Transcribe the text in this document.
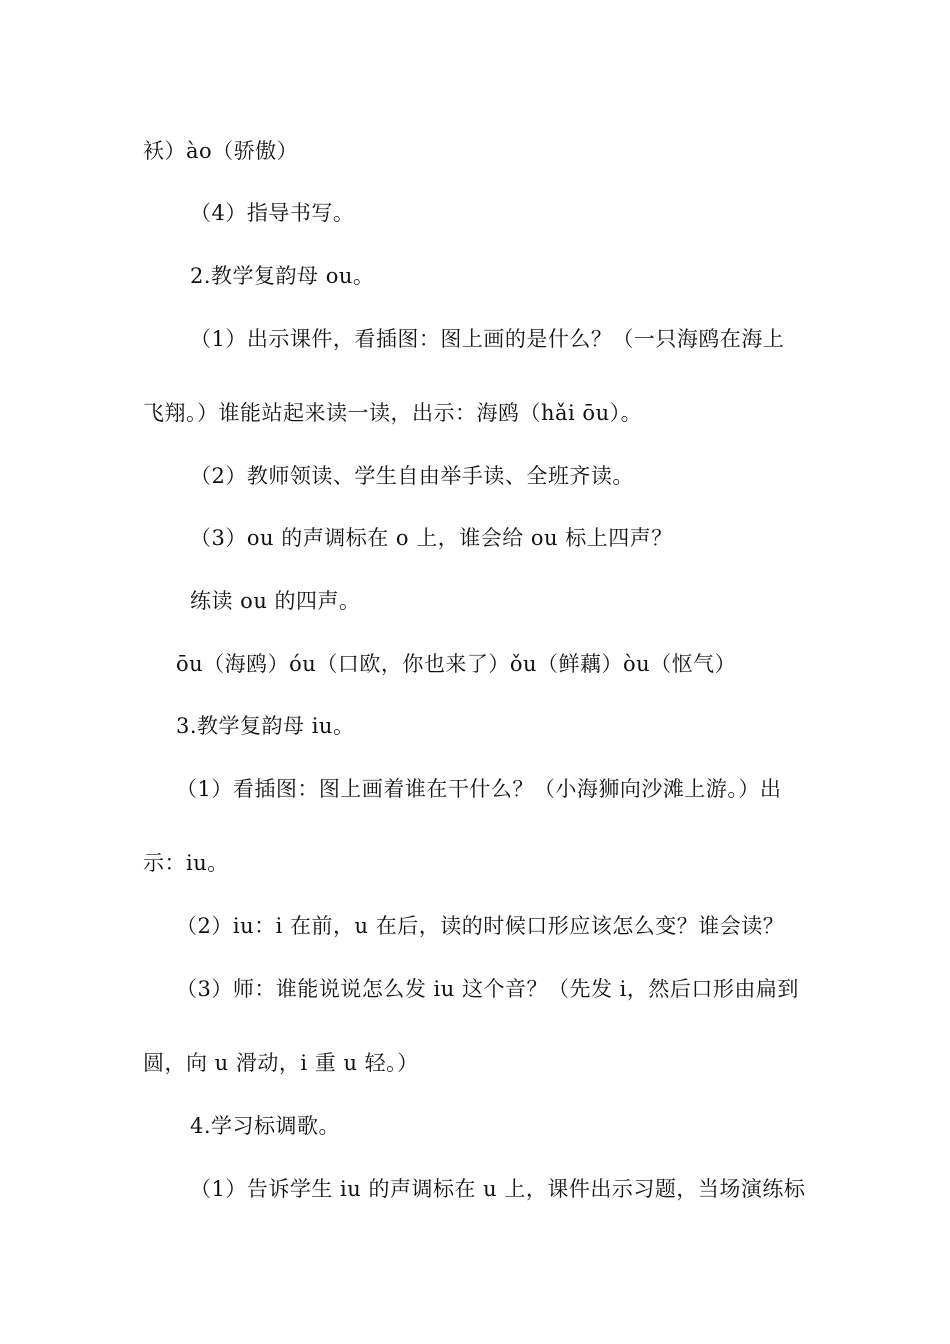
袄）ào（骄傲）
（4）指导书写。
2.教学复韵母 ou。
（1）出示课件，看插图：图上画的是什么？（一只海鸥在海上
飞翔。）谁能站起来读一读，出示：海鸥（hǎi ōu）。
（2）教师领读、学生自由举手读、全班齐读。
（3）ou 的声调标在 o 上，谁会给 ou 标上四声？
练读 ou 的四声。
ōu（海鸥）óu（口欧，你也来了）ǒu（鲜藕）òu（怄气）
3.教学复韵母 iu。
（1）看插图：图上画着谁在干什么？（小海狮向沙滩上游。）出
示：iu。
（2）iu：i 在前，u 在后，读的时候口形应该怎么变？谁会读？
（3）师：谁能说说怎么发 iu 这个音？（先发 i，然后口形由扁到
圆，向 u 滑动，i 重 u 轻。）
4.学习标调歌。
（1）告诉学生 iu 的声调标在 u 上，课件出示习题，当场演练标
